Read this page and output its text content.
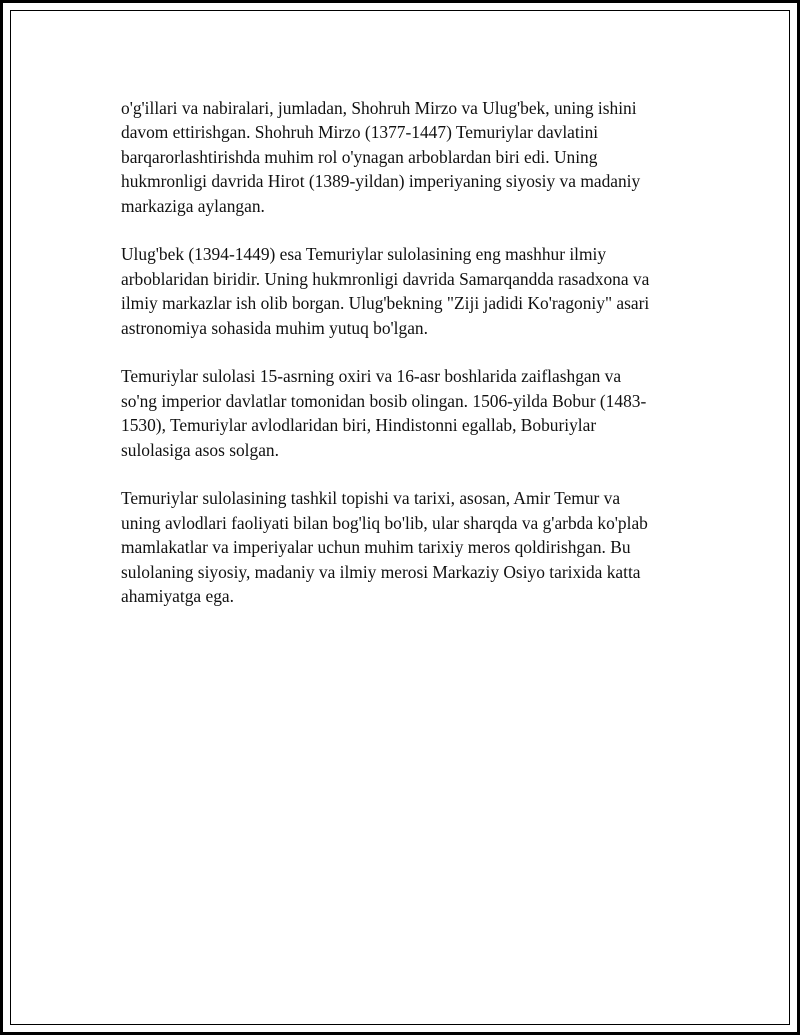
o'g'illari va nabiralari, jumladan, Shohruh Mirzo va Ulug'bek, uning ishini
davom ettirishgan. Shohruh Mirzo (1377-1447) Temuriylar davlatini
barqarorlashtirishda muhim rol o'ynagan arboblardan biri edi. Uning
hukmronligi davrida Hirot (1389-yildan) imperiyaning siyosiy va madaniy
markaziga aylangan.

Ulug'bek (1394-1449) esa Temuriylar sulolasining eng mashhur ilmiy
arboblaridan biridir. Uning hukmronligi davrida Samarqandda rasadxona va
ilmiy markazlar ish olib borgan. Ulug'bekning "Ziji jadidi Ko'ragoniy" asari
astronomiya sohasida muhim yutuq bo'lgan.

Temuriylar sulolasi 15-asrning oxiri va 16-asr boshlarida zaiflashgan va
so'ng imperior davlatlar tomonidan bosib olingan. 1506-yilda Bobur (1483-
1530), Temuriylar avlodlaridan biri, Hindistonni egallab, Boburiylar
sulolasiga asos solgan.

Temuriylar sulolasining tashkil topishi va tarixi, asosan, Amir Temur va
uning avlodlari faoliyati bilan bog'liq bo'lib, ular sharqda va g'arbda ko'plab
mamlakatlar va imperiyalar uchun muhim tarixiy meros qoldirishgan. Bu
sulolaning siyosiy, madaniy va ilmiy merosi Markaziy Osiyo tarixida katta
ahamiyatga ega.
